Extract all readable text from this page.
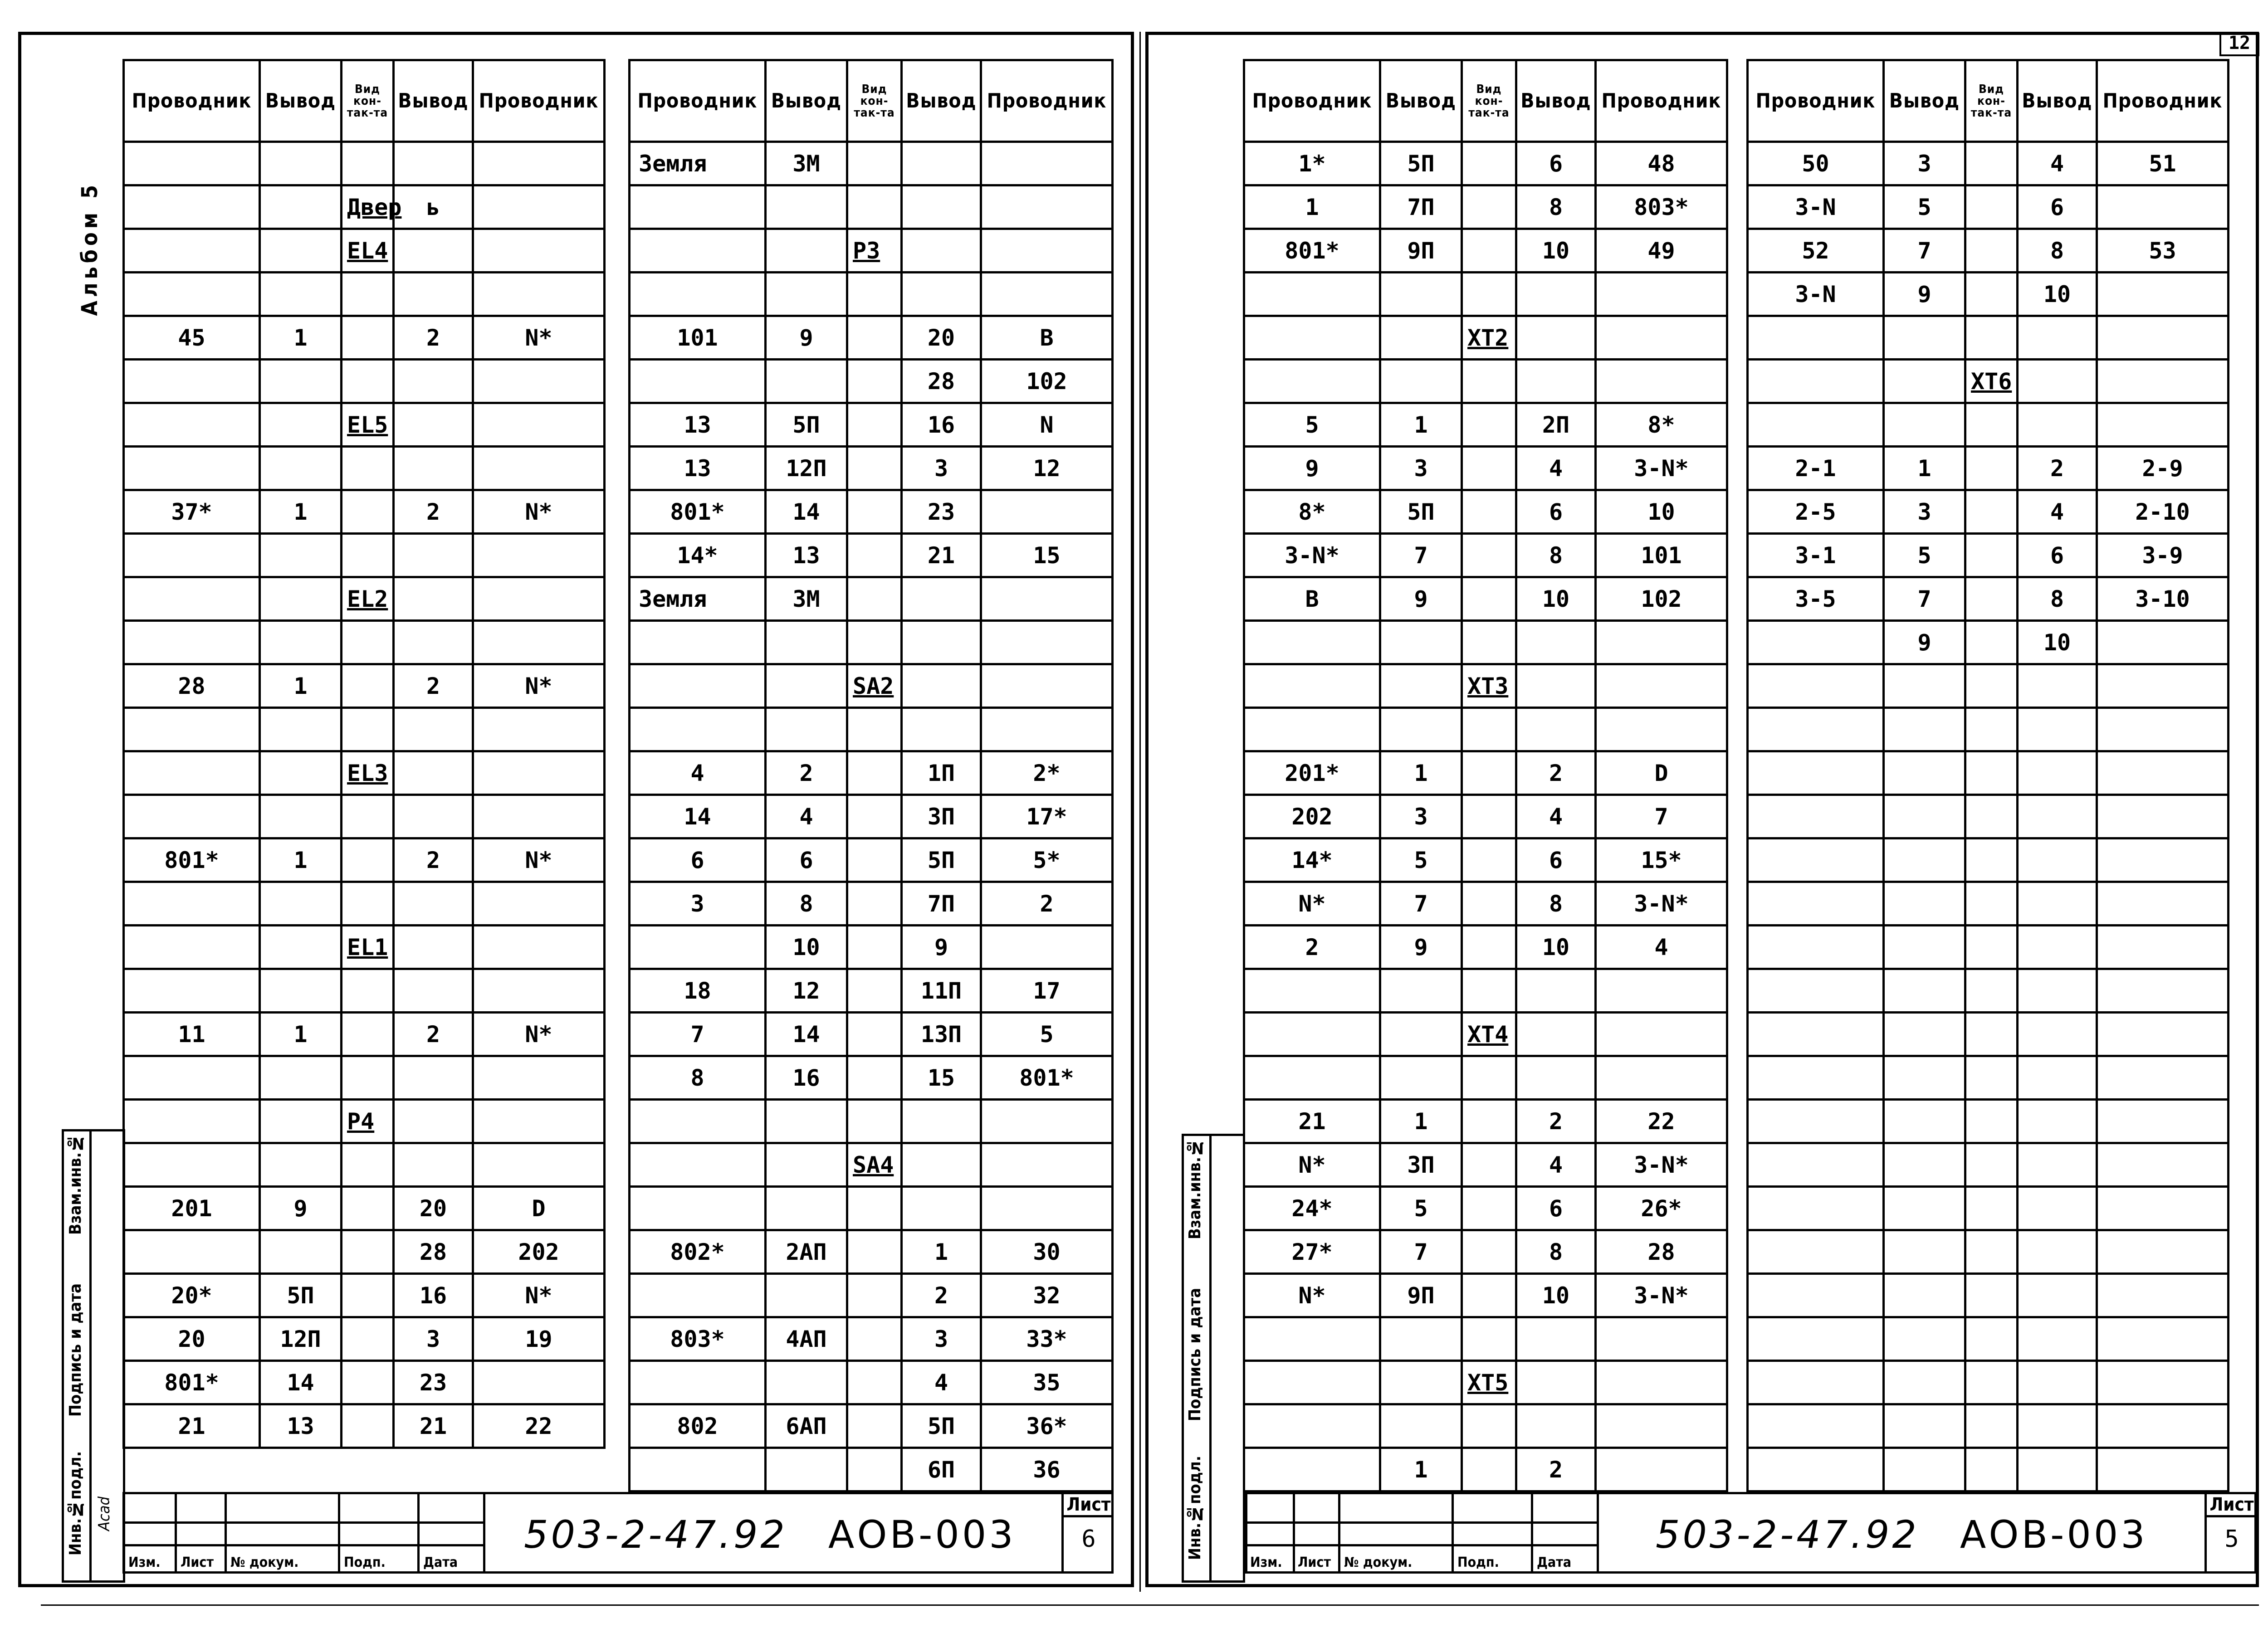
12
Альбом 5
Инв.№подл.
Подпись и дата
Взам.инв.№
Acad
Проводник	Вывод	Вид кон-так-та	Вывод	Проводник

		Двер	ь	
		EL4		

45	1		2	N*

		EL5		

37*	1		2	N*

		EL2		

28	1		2	N*

		EL3		

801*	1		2	N*

		EL1		

11	1		2	N*

		P4		

201	9		20	D
			28	202
20*	5П		16	N*
20	12П		3	19
801*	14		23	
21	13		21	22
Проводник	Вывод	Вид кон-так-та	Вывод	Проводник
Земля	3М			

		P3		

101	9		20	B
			28	102
13	5П		16	N
13	12П		3	12
801*	14		23	
14*	13		21	15
Земля	3М			

		SA2		

4	2		1П	2*
14	4		3П	17*
6	6		5П	5*
3	8		7П	2
	10		9	
18	12		11П	17
7	14		13П	5
8	16		15	801*

		SA4		

802*	2АП		1	30
			2	32
803*	4АП		3	33*
			4	35
802	6АП		5П	36*
			6П	36
Изм. Лист № докум.	Подп.	Дата
503-2-47.92 АОВ-003
Лист
6	Инв.№подл.
Подпись и дата
Взам.инв.№
Проводник	Вывод	Вид кон-так-та	Вывод	Проводник
1*	5П		6	48
1	7П		8	803*
801*	9П		10	49

		XT2		

5	1		2П	8*
9	3		4	3-N*
8*	5П		6	10
3-N*	7		8	101
B	9		10	102

		XT3		

201*	1		2	D
202	3		4	7
14*	5		6	15*
N*	7		8	3-N*
2	9		10	4

		XT4		

21	1		2	22
N*	3П		4	3-N*
24*	5		6	26*
27*	7		8	28
N*	9П		10	3-N*

		XT5		

	1		2	
Проводник	Вывод	Вид кон-так-та	Вывод	Проводник
50	3		4	51
3-N	5		6	
52	7		8	53
3-N	9		10	

		XT6		

2-1	1		2	2-9
2-5	3		4	2-10
3-1	5		6	3-9
3-5	7		8	3-10
	9		10	

Изм. Лист № докум.	Подп.	Дата
503-2-47.92 АОВ-003
Лист
5
